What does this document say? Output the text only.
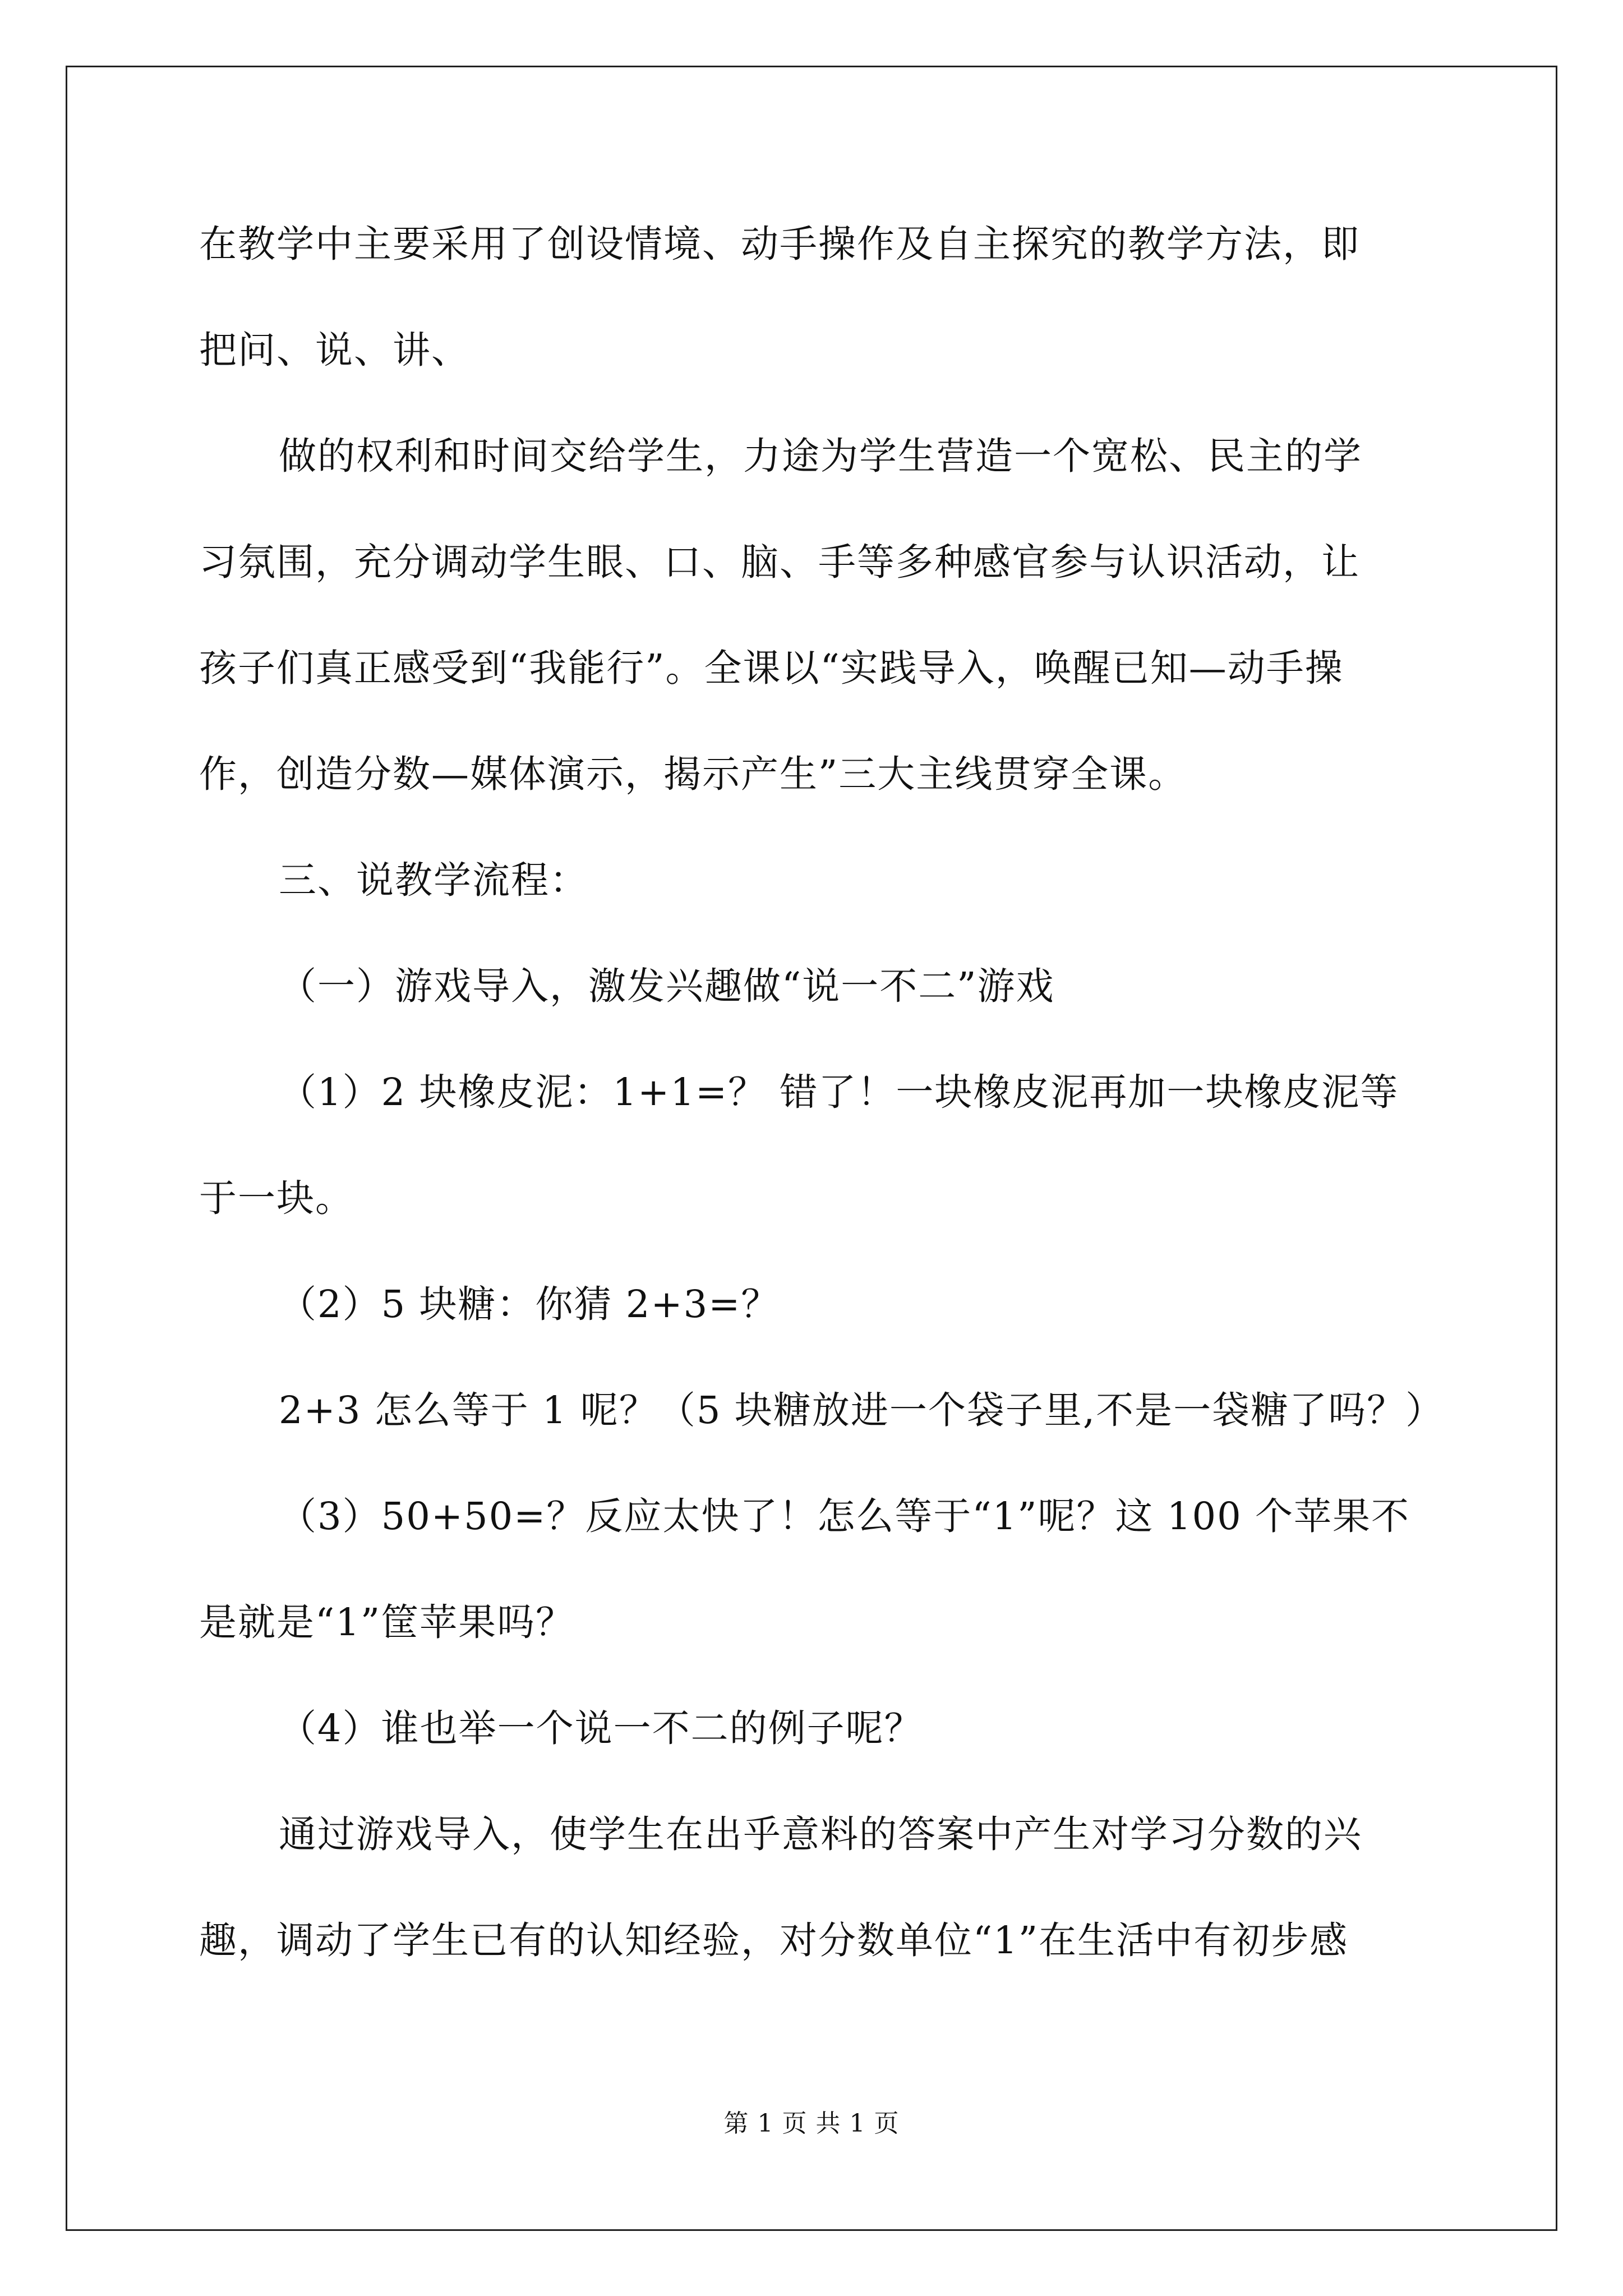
在教学中主要采用了创设情境、动手操作及自主探究的教学方法，即
把问、说、讲、
做的权利和时间交给学生，力途为学生营造一个宽松、民主的学
习氛围，充分调动学生眼、口、脑、手等多种感官参与认识活动，让
孩子们真正感受到“我能行”。全课以“实践导入，唤醒已知—动手操
作，创造分数—媒体演示，揭示产生”三大主线贯穿全课。
三、说教学流程：
（一）游戏导入，激发兴趣做“说一不二”游戏
（1）2 块橡皮泥：1+1=？ 错了！一块橡皮泥再加一块橡皮泥等
于一块。
（2）5 块糖：你猜 2+3=？
2+3 怎么等于 1 呢？（5 块糖放进一个袋子里,不是一袋糖了吗？）
（3）50+50=？反应太快了！怎么等于“1”呢？这 100 个苹果不
是就是“1”筐苹果吗？
（4）谁也举一个说一不二的例子呢？
通过游戏导入，使学生在出乎意料的答案中产生对学习分数的兴
趣，调动了学生已有的认知经验，对分数单位“1”在生活中有初步感
第 1 页 共 1 页
